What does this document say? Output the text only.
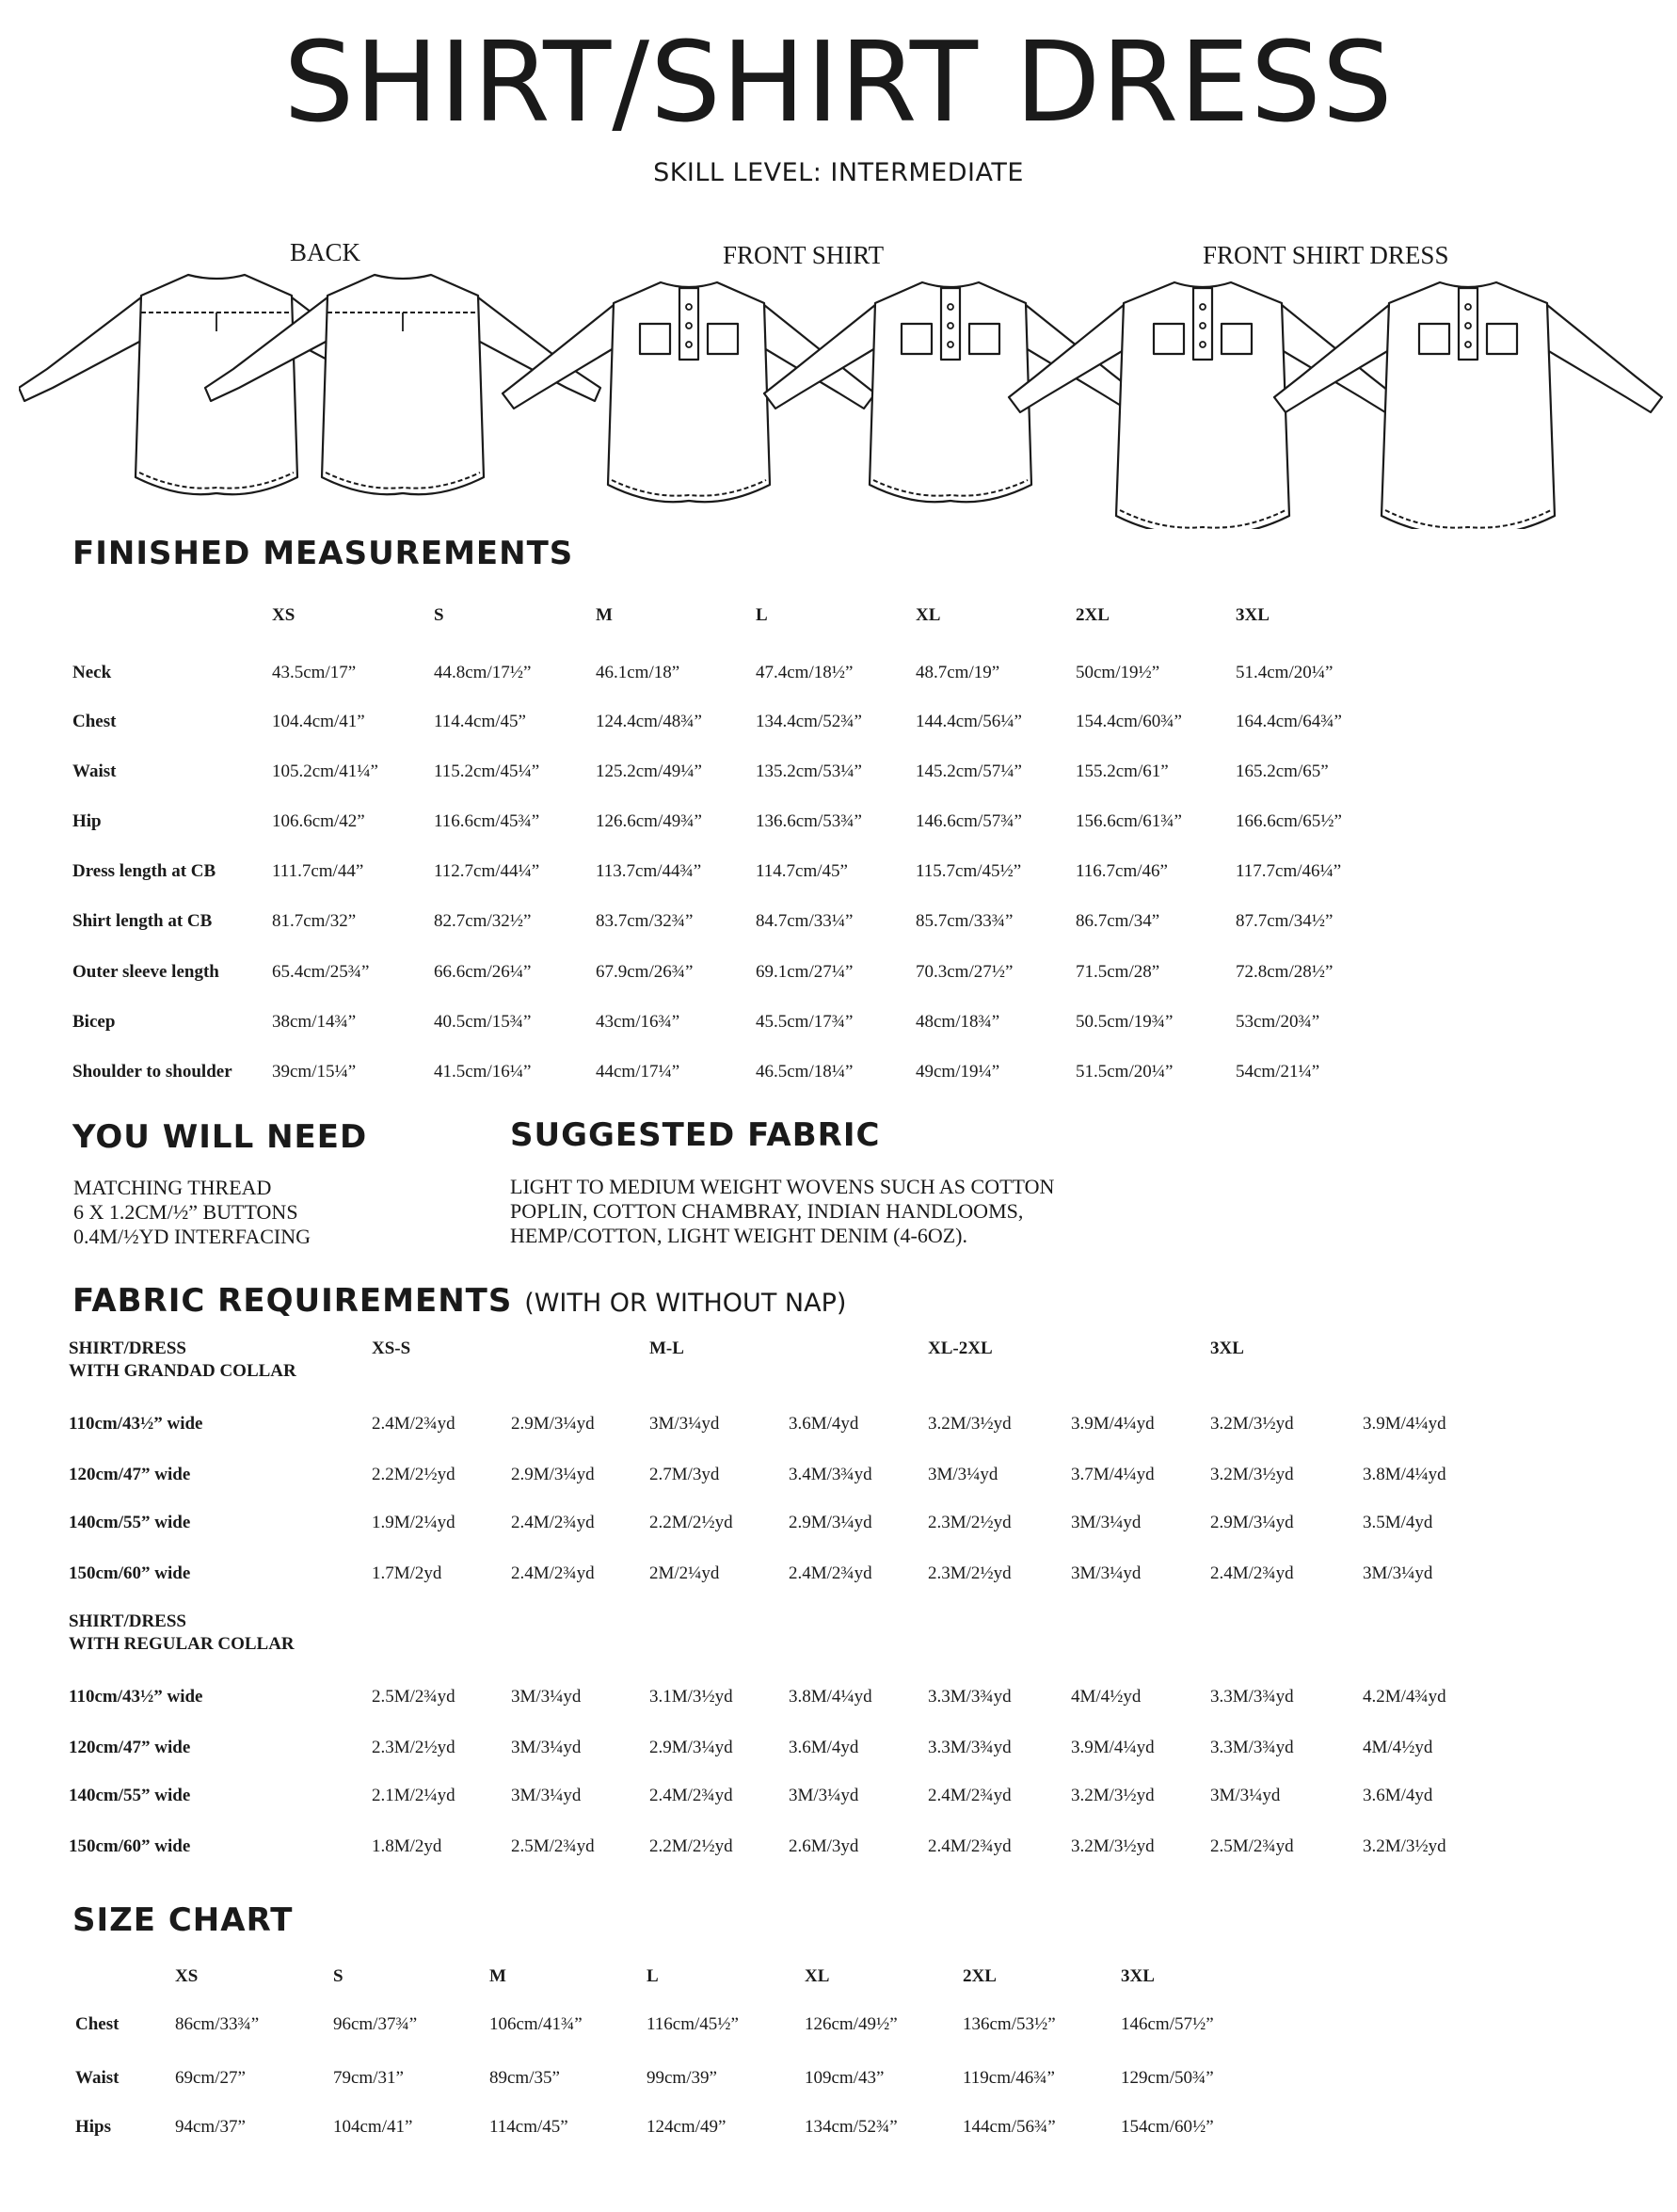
SHIRT/SHIRT DRESS
SKILL LEVEL: INTERMEDIATE
BACK	FRONT SHIRT	FRONT SHIRT DRESS
FINISHED MEASUREMENTS
	XS	S	M	L	XL	2XL	3XL

Neck	43.5cm/17”	44.8cm/17½”	46.1cm/18”	47.4cm/18½”	48.7cm/19”	50cm/19½”	51.4cm/20¼”
Chest	104.4cm/41”	114.4cm/45”	124.4cm/48¾”	134.4cm/52¾”	144.4cm/56¼”	154.4cm/60¾”	164.4cm/64¾”
Waist	105.2cm/41¼”	115.2cm/45¼”	125.2cm/49¼”	135.2cm/53¼”	145.2cm/57¼”	155.2cm/61”	165.2cm/65”
Hip	106.6cm/42”	116.6cm/45¾”	126.6cm/49¾”	136.6cm/53¾”	146.6cm/57¾”	156.6cm/61¾”	166.6cm/65½”
Dress length at CB	111.7cm/44”	112.7cm/44¼”	113.7cm/44¾”	114.7cm/45”	115.7cm/45½”	116.7cm/46”	117.7cm/46¼”
Shirt length at CB	81.7cm/32”	82.7cm/32½”	83.7cm/32¾”	84.7cm/33¼”	85.7cm/33¾”	86.7cm/34”	87.7cm/34½”
Outer sleeve length	65.4cm/25¾”	66.6cm/26¼”	67.9cm/26¾”	69.1cm/27¼”	70.3cm/27½”	71.5cm/28”	72.8cm/28½”
Bicep	38cm/14¾”	40.5cm/15¾”	43cm/16¾”	45.5cm/17¾”	48cm/18¾”	50.5cm/19¾”	53cm/20¾”
Shoulder to shoulder	39cm/15¼”	41.5cm/16¼”	44cm/17¼”	46.5cm/18¼”	49cm/19¼”	51.5cm/20¼”	54cm/21¼”
YOU WILL NEED
MATCHING THREAD
6 X 1.2CM/½” BUTTONS
0.4M/½YD INTERFACING
SUGGESTED FABRIC
LIGHT TO MEDIUM WEIGHT WOVENS SUCH AS COTTON
POPLIN, COTTON CHAMBRAY, INDIAN HANDLOOMS,
HEMP/COTTON, LIGHT WEIGHT DENIM (4-6OZ).
FABRIC REQUIREMENTS (WITH OR WITHOUT NAP)
XS-S	M-L	XL-2XL	3XL
SHIRT/DRESS
WITH GRANDAD COLLAR
110cm/43½” wide	2.4M/2¾yd	2.9M/3¼yd	3M/3¼yd	3.6M/4yd	3.2M/3½yd	3.9M/4¼yd	3.2M/3½yd	3.9M/4¼yd
120cm/47” wide	2.2M/2½yd	2.9M/3¼yd	2.7M/3yd	3.4M/3¾yd	3M/3¼yd	3.7M/4¼yd	3.2M/3½yd	3.8M/4¼yd
140cm/55” wide	1.9M/2¼yd	2.4M/2¾yd	2.2M/2½yd	2.9M/3¼yd	2.3M/2½yd	3M/3¼yd	2.9M/3¼yd	3.5M/4yd
150cm/60” wide	1.7M/2yd	2.4M/2¾yd	2M/2¼yd	2.4M/2¾yd	2.3M/2½yd	3M/3¼yd	2.4M/2¾yd	3M/3¼yd
SHIRT/DRESS
WITH REGULAR COLLAR
110cm/43½” wide	2.5M/2¾yd	3M/3¼yd	3.1M/3½yd	3.8M/4¼yd	3.3M/3¾yd	4M/4½yd	3.3M/3¾yd	4.2M/4¾yd
120cm/47” wide	2.3M/2½yd	3M/3¼yd	2.9M/3¼yd	3.6M/4yd	3.3M/3¾yd	3.9M/4¼yd	3.3M/3¾yd	4M/4½yd
140cm/55” wide	2.1M/2¼yd	3M/3¼yd	2.4M/2¾yd	3M/3¼yd	2.4M/2¾yd	3.2M/3½yd	3M/3¼yd	3.6M/4yd
150cm/60” wide	1.8M/2yd	2.5M/2¾yd	2.2M/2½yd	2.6M/3yd	2.4M/2¾yd	3.2M/3½yd	2.5M/2¾yd	3.2M/3½yd
SIZE CHART
	XS	S	M	L	XL	2XL	3XL
Chest	86cm/33¾”	96cm/37¾”	106cm/41¾”	116cm/45½”	126cm/49½”	136cm/53½”	146cm/57½”
Waist	69cm/27”	79cm/31”	89cm/35”	99cm/39”	109cm/43”	119cm/46¾”	129cm/50¾”
Hips	94cm/37”	104cm/41”	114cm/45”	124cm/49”	134cm/52¾”	144cm/56¾”	154cm/60½”
